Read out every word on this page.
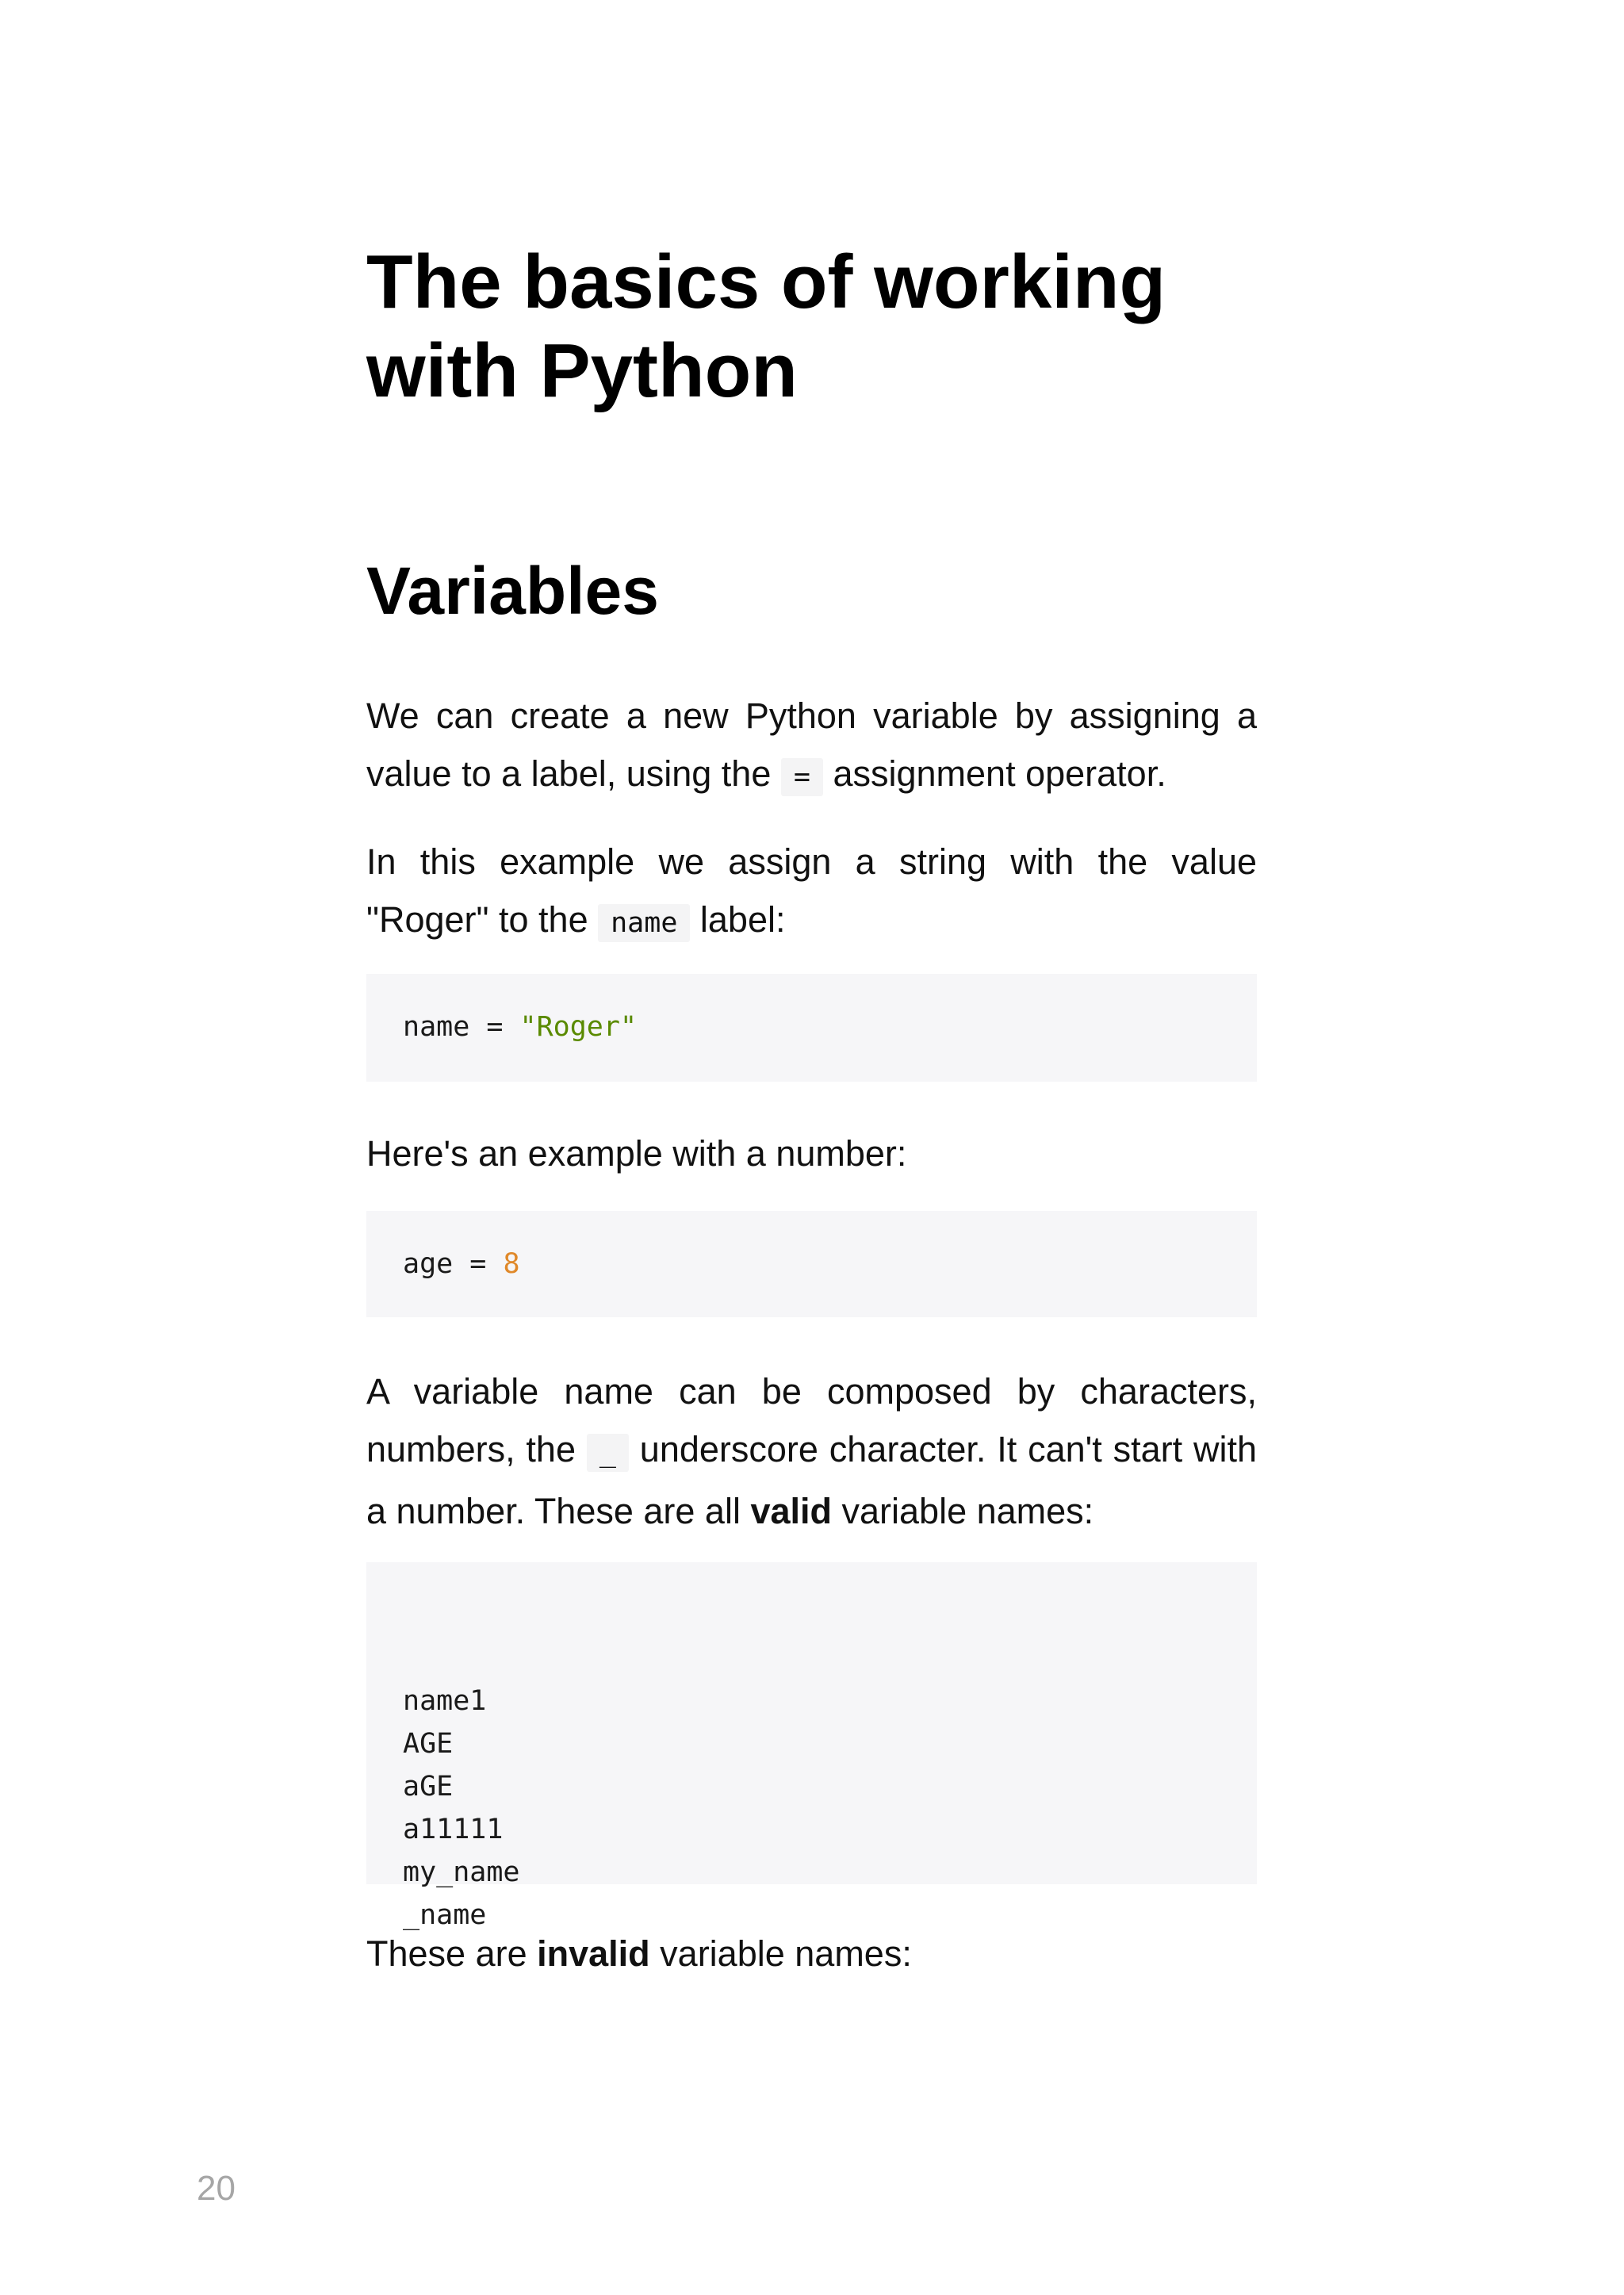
The basics of working
with Python
Variables

We can create a new Python variable by assigning a value to a label, using the = assignment operator.

In this example we assign a string with the value "Roger" to the name label:

name = "Roger"

Here's an example with a number:

age = 8

A variable name can be composed by characters, numbers, the _ underscore character. It can't start with a number. These are all valid variable names:

name1
AGE
aGE
a11111
my_name
_name

These are invalid variable names:

20
